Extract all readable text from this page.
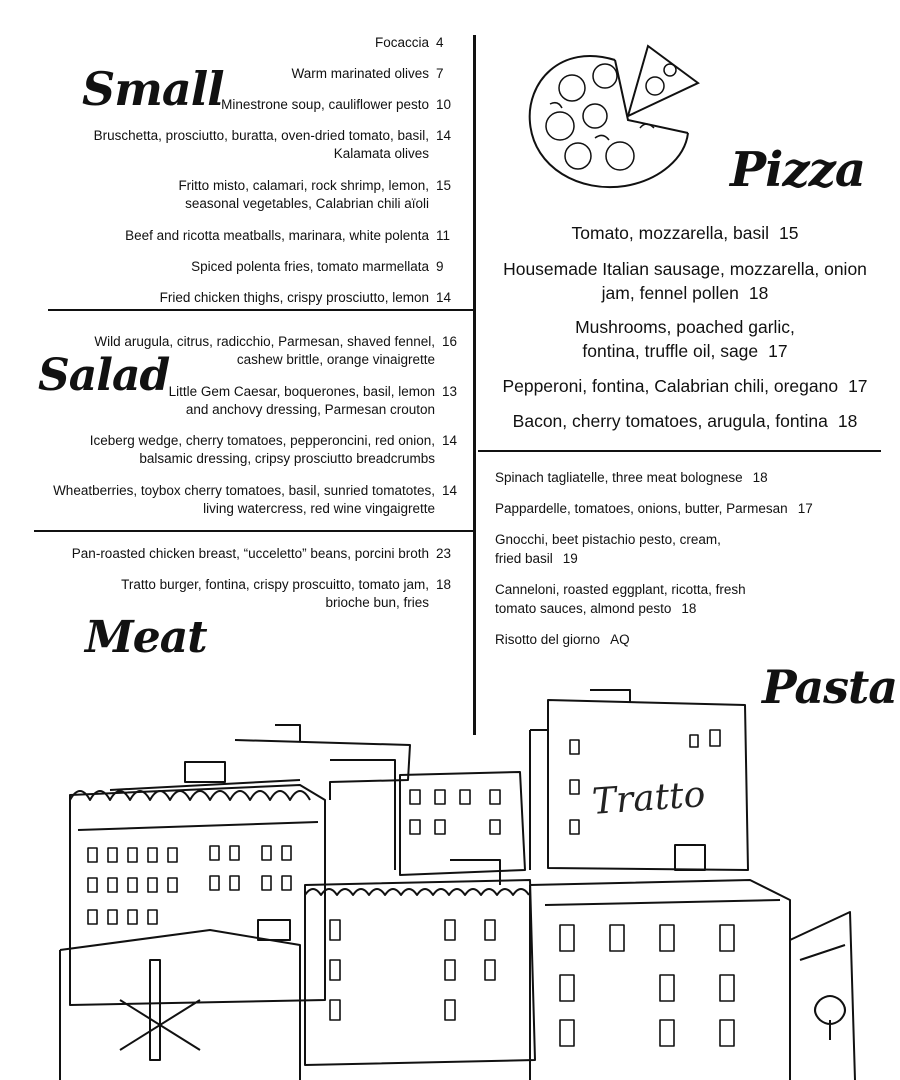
Small
Focaccia 4
Warm marinated olives 7
Minestrone soup, cauliflower pesto 10
Bruschetta, prosciutto, buratta, oven-dried tomato, basil, Kalamata olives
14
Fritto misto, calamari, rock shrimp, lemon, seasonal vegetables, Calabrian chili aïoli
15
Beef and ricotta meatballs, marinara, white polenta 11
Spiced polenta fries, tomato marmellata 9
Fried chicken thighs, crispy prosciutto, lemon 14
Salad
Wild arugula, citrus, radicchio, Parmesan, shaved fennel, cashew brittle, orange vinaigrette
16
Little Gem Caesar, boquerones, basil, lemon and anchovy dressing, Parmesan crouton
13
Iceberg wedge, cherry tomatoes, pepperoncini, red onion, balsamic dressing, cripsy prosciutto breadcrumbs
14
Wheatberries, toybox cherry tomatoes, basil, sunried tomatotes, living watercress, red wine vingaigrette
14
Meat
Pan-roasted chicken breast, “ucceletto” beans, porcini broth 23
Tratto burger, fontina, crispy proscuitto, tomato jam, brioche bun, fries
18
Pizza
Tomato, mozzarella, basil 15
Housemade Italian sausage, mozzarella, onion jam, fennel pollen 18
Mushrooms, poached garlic, fontina, truffle oil, sage 17
Pepperoni, fontina, Calabrian chili, oregano 17
Bacon, cherry tomatoes, arugula, fontina 18
Spinach tagliatelle, three meat bolognese 18
Pappardelle, tomatoes, onions, butter, Parmesan 17
Gnocchi, beet pistachio pesto, cream, fried basil 19
Canneloni, roasted eggplant, ricotta, fresh tomato sauces, almond pesto 18
Risotto del giorno AQ
Pasta
Tratto
